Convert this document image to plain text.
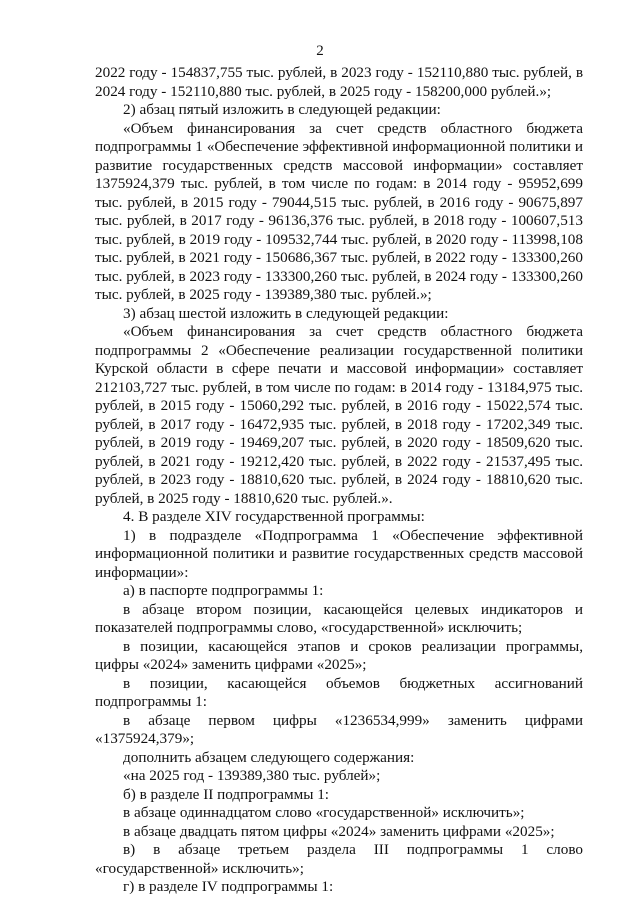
2

2022 году - 154837,755 тыс. рублей, в 2023 году - 152110,880 тыс. рублей, в 2024 году - 152110,880 тыс. рублей, в 2025 году - 158200,000 рублей.»;

2) абзац пятый изложить в следующей редакции:

«Объем финансирования за счет средств областного бюджета подпрограммы 1 «Обеспечение эффективной информационной политики и развитие государственных средств массовой информации» составляет 1375924,379 тыс. рублей, в том числе по годам: в 2014 году - 95952,699 тыс. рублей, в 2015 году - 79044,515 тыс. рублей, в 2016 году - 90675,897 тыс. рублей, в 2017 году - 96136,376 тыс. рублей, в 2018 году - 100607,513 тыс. рублей, в 2019 году - 109532,744 тыс. рублей, в 2020 году - 113998,108 тыс. рублей, в 2021 году - 150686,367 тыс. рублей, в 2022 году - 133300,260 тыс. рублей, в 2023 году - 133300,260 тыс. рублей, в 2024 году - 133300,260 тыс. рублей, в 2025 году - 139389,380 тыс. рублей.»;

3) абзац шестой изложить в следующей редакции:

«Объем финансирования за счет средств областного бюджета подпрограммы 2 «Обеспечение реализации государственной политики Курской области в сфере печати и массовой информации» составляет 212103,727 тыс. рублей, в том числе по годам: в 2014 году - 13184,975 тыс. рублей, в 2015 году - 15060,292 тыс. рублей, в 2016 году - 15022,574 тыс. рублей, в 2017 году - 16472,935 тыс. рублей, в 2018 году - 17202,349 тыс. рублей, в 2019 году - 19469,207 тыс. рублей, в 2020 году - 18509,620 тыс. рублей, в 2021 году - 19212,420 тыс. рублей, в 2022 году - 21537,495 тыс. рублей, в 2023 году - 18810,620 тыс. рублей, в 2024 году - 18810,620 тыс. рублей, в 2025 году - 18810,620 тыс. рублей.».

4. В разделе XIV государственной программы:

1) в подразделе «Подпрограмма 1 «Обеспечение эффективной информационной политики и развитие государственных средств массовой информации»:

а) в паспорте подпрограммы 1:

в абзаце втором позиции, касающейся целевых индикаторов и показателей подпрограммы слово, «государственной» исключить;

в позиции, касающейся этапов и сроков реализации программы, цифры «2024» заменить цифрами «2025»;

в позиции, касающейся объемов бюджетных ассигнований подпрограммы 1:

в абзаце первом цифры «1236534,999» заменить цифрами «1375924,379»;

дополнить абзацем следующего содержания:

«на 2025 год - 139389,380 тыс. рублей»;

б) в разделе II подпрограммы 1:

в абзаце одиннадцатом слово «государственной» исключить»;

в абзаце двадцать пятом цифры «2024» заменить цифрами «2025»;

в) в абзаце третьем раздела III подпрограммы 1 слово «государственной» исключить»;

г) в разделе IV подпрограммы 1:
